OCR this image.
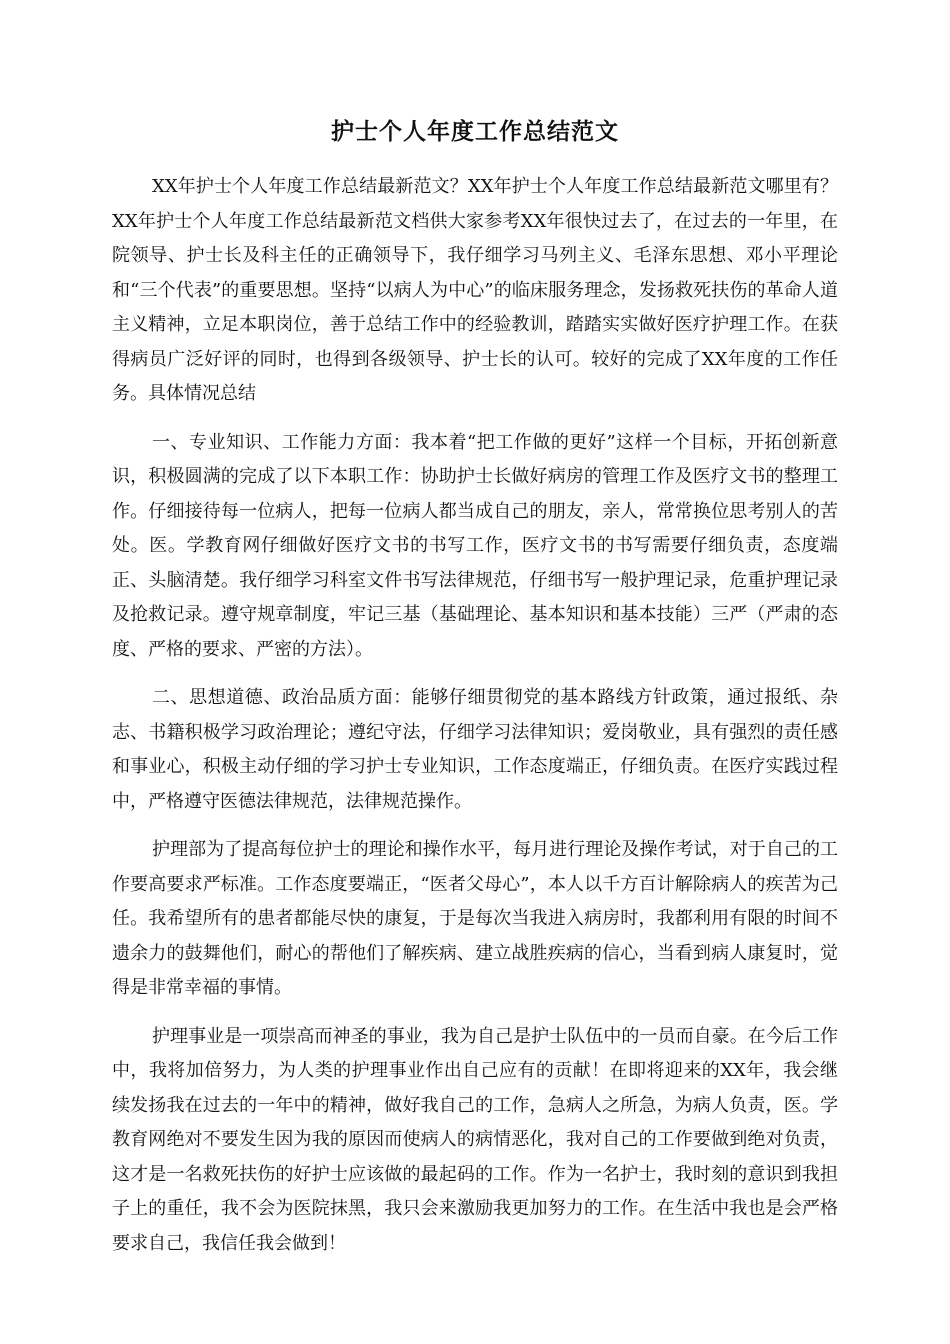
护士个人年度工作总结范文

XX年护士个人年度工作总结最新范文？XX年护士个人年度工作总结最新范文哪里有？XX年护士个人年度工作总结最新范文档供大家参考XX年很快过去了，在过去的一年里，在院领导、护士长及科主任的正确领导下，我仔细学习马列主义、毛泽东思想、邓小平理论和“三个代表”的重要思想。坚持“以病人为中心”的临床服务理念，发扬救死扶伤的革命人道主义精神，立足本职岗位，善于总结工作中的经验教训，踏踏实实做好医疗护理工作。在获得病员广泛好评的同时，也得到各级领导、护士长的认可。较好的完成了XX年度的工作任务。具体情况总结

一、专业知识、工作能力方面：我本着“把工作做的更好”这样一个目标，开拓创新意识，积极圆满的完成了以下本职工作：协助护士长做好病房的管理工作及医疗文书的整理工作。仔细接待每一位病人，把每一位病人都当成自己的朋友，亲人，常常换位思考别人的苦处。医。学教育网仔细做好医疗文书的书写工作，医疗文书的书写需要仔细负责，态度端正、头脑清楚。我仔细学习科室文件书写法律规范，仔细书写一般护理记录，危重护理记录及抢救记录。遵守规章制度，牢记三基（基础理论、基本知识和基本技能）三严（严肃的态度、严格的要求、严密的方法）。

二、思想道德、政治品质方面：能够仔细贯彻党的基本路线方针政策，通过报纸、杂志、书籍积极学习政治理论；遵纪守法，仔细学习法律知识；爱岗敬业，具有强烈的责任感和事业心，积极主动仔细的学习护士专业知识，工作态度端正，仔细负责。在医疗实践过程中，严格遵守医德法律规范，法律规范操作。

护理部为了提高每位护士的理论和操作水平，每月进行理论及操作考试，对于自己的工作要高要求严标准。工作态度要端正，“医者父母心”，本人以千方百计解除病人的疾苦为己任。我希望所有的患者都能尽快的康复，于是每次当我进入病房时，我都利用有限的时间不遗余力的鼓舞他们，耐心的帮他们了解疾病、建立战胜疾病的信心，当看到病人康复时，觉得是非常幸福的事情。

护理事业是一项崇高而神圣的事业，我为自己是护士队伍中的一员而自豪。在今后工作中，我将加倍努力，为人类的护理事业作出自己应有的贡献！在即将迎来的XX年，我会继续发扬我在过去的一年中的精神，做好我自己的工作，急病人之所急，为病人负责，医。学教育网绝对不要发生因为我的原因而使病人的病情恶化，我对自己的工作要做到绝对负责，这才是一名救死扶伤的好护士应该做的最起码的工作。作为一名护士，我时刻的意识到我担子上的重任，我不会为医院抹黑，我只会来激励我更加努力的工作。在生活中我也是会严格要求自己，我信任我会做到！
